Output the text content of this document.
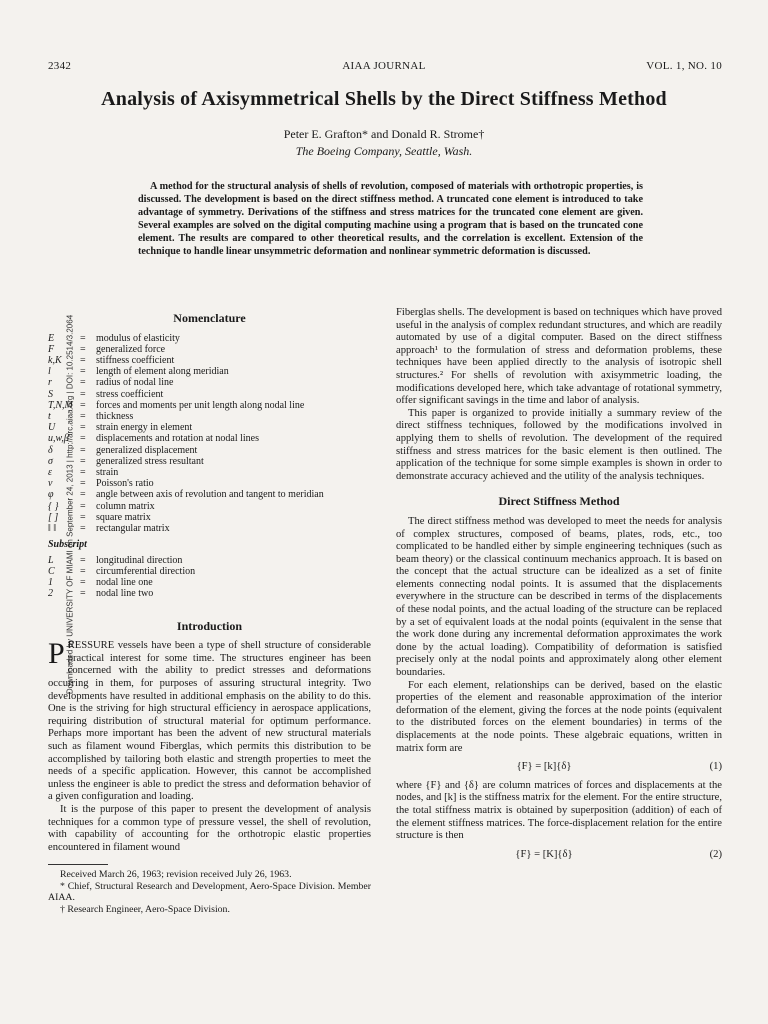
2342	AIAA JOURNAL	VOL. 1, NO. 10
Analysis of Axisymmetrical Shells by the Direct Stiffness Method
Peter E. Grafton* and Donald R. Strome†
The Boeing Company, Seattle, Wash.
A method for the structural analysis of shells of revolution, composed of materials with orthotropic properties, is discussed. The development is based on the direct stiffness method. A truncated cone element is introduced to take advantage of symmetry. Derivations of the stiffness and stress matrices for the truncated cone element are given. Several examples are solved on the digital computing machine using a program that is based on the truncated cone element. The results are compared to other theoretical results, and the correlation is excellent. Extension of the technique to handle linear unsymmetric deformation and nonlinear symmetric deformation is discussed.
Downloaded by UNIVERSITY OF MIAMI on September 24, 2013 | http://arc.aiaa.org | DOI: 10.2514/3.2064	Nomenclature
E	=	modulus of elasticity
F	=	generalized force
k,K	=	stiffness coefficient
l	=	length of element along meridian
r	=	radius of nodal line
S	=	stress coefficient
T,N,M =	forces and moments per unit length along nodal line
t	=	thickness
U	=	strain energy in element
u,w,β	=	displacements and rotation at nodal lines
δ	=	generalized displacement
σ	=	generalized stress resultant
ε	=	strain
ν	=	Poisson's ratio
φ	=	angle between axis of revolution and tangent to meridian
{ }	=	column matrix
[ ]	=	square matrix
‖ ‖	=	rectangular matrix
Subscript
L	=	longitudinal direction
C	=	circumferential direction
1	=	nodal line one
2	=	nodal line two
Introduction

PRESSURE vessels have been a type of shell structure of considerable practical interest for some time. The structures engineer has been concerned with the ability to predict stresses and deformations occurring in them, for purposes of assuring structural integrity. Two developments have resulted in additional emphasis on the ability to do this. One is the striving for high structural efficiency in aerospace applications, requiring distribution of structural material for optimum performance. Perhaps more important has been the advent of new structural materials such as filament wound Fiberglas, which permits this distribution to be accomplished by tailoring both elastic and strength properties to meet the needs of a specific application. However, this cannot be accomplished unless the engineer is able to predict the stress and deformation behavior of a given configuration and loading.

It is the purpose of this paper to present the development of analysis techniques for a common type of pressure vessel, the shell of revolution, with capability of accounting for the orthotropic elastic properties encountered in filament wound

Received March 26, 1963; revision received July 26, 1963.
* Chief, Structural Research and Development, Aero-Space Division. Member AIAA.
† Research Engineer, Aero-Space Division.

Fiberglas shells. The development is based on techniques which have proved useful in the analysis of complex redundant structures, and which are readily automated by use of a digital computer. Based on the direct stiffness approach¹ to the formulation of stress and deformation problems, these techniques have been applied directly to the analysis of isotropic shell structures.² For shells of revolution with axisymmetric loading, the modifications developed here, which take advantage of rotational symmetry, offer significant savings in the time and labor of analysis.

This paper is organized to provide initially a summary review of the direct stiffness techniques, followed by the modifications involved in applying them to shells of revolution. The development of the required stiffness and stress matrices for the basic element is then outlined. The application of the technique for some simple examples is shown in order to demonstrate accuracy achieved and the utility of the analysis techniques.

Direct Stiffness Method

The direct stiffness method was developed to meet the needs for analysis of complex structures, composed of beams, plates, rods, etc., too complicated to be handled either by simple engineering techniques (such as beam theory) or the classical continuum mechanics approach. It is based on the concept that the actual structure can be idealized as a set of finite elements connecting nodal points. It is assumed that the displacements everywhere in the structure can be described in terms of the displacements of these nodal points, and the actual loading of the structure can be replaced by a set of equivalent loads at the nodal points (equivalent in the sense that the work done during any incremental deformation approximates the work done by the actual loading). Compatibility of deformation is satisfied precisely only at the nodal points and approximately along other element boundaries.

For each element, relationships can be derived, based on the elastic properties of the element and reasonable approximation of the interior deformation of the element, giving the forces at the node points (equivalent to the distributed forces on the element boundaries) in terms of the displacements at the node points. These algebraic equations, written in matrix form are

{F} = [k]{δ}	(1)

where {F} and {δ} are column matrices of forces and displacements at the nodes, and [k] is the stiffness matrix for the element. For the entire structure, the total stiffness matrix is obtained by superposition (addition) of each of the element stiffness matrices. The force-displacement relation for the entire structure is then

{F} = [K]{δ}	(2)
